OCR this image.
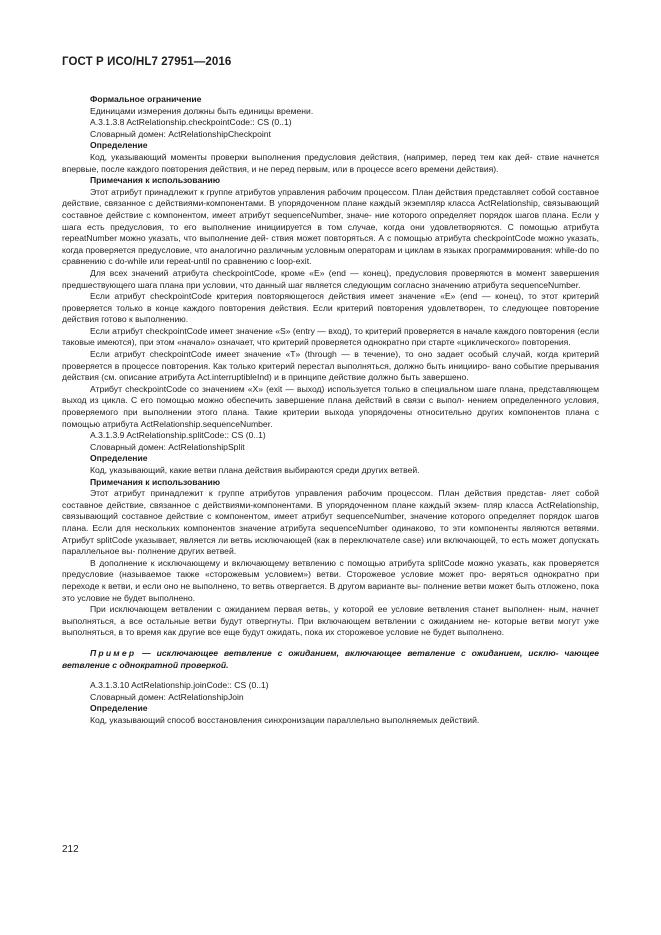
ГОСТ Р ИСО/HL7 27951—2016
Формальное ограничение
Единицами измерения должны быть единицы времени.
A.3.1.3.8 ActRelationship.checkpointCode:: CS (0..1)
Словарный домен: ActRelationshipCheckpoint
Определение
Код, указывающий моменты проверки выполнения предусловия действия, (например, перед тем как дей- ствие начнется впервые, после каждого повторения действия, и не перед первым, или в процессе всего времени действия).
Примечания к использованию
Этот атрибут принадлежит к группе атрибутов управления рабочим процессом. План действия представляет собой составное действие, связанное с действиями-компонентами. В упорядоченном плане каждый экземпляр класса ActRelationship, связывающий составное действие с компонентом, имеет атрибут sequenceNumber, значе- ние которого определяет порядок шагов плана. Если у шага есть предусловия, то его выполнение инициируется в том случае, когда они удовлетворяются. С помощью атрибута repeatNumber можно указать, что выполнение дей- ствия может повторяться. А с помощью атрибута checkpointCode можно указать, когда проверяется предусловие, что аналогично различным условным операторам и циклам в языках программирования: while-do по сравнению с do-while или repeat-until по сравнению с loop-exit.
Для всех значений атрибута checkpointCode, кроме «E» (end — конец), предусловия проверяются в момент завершения предшествующего шага плана при условии, что данный шаг является следующим согласно значению атрибута sequenceNumber.
Если атрибут checkpointCode критерия повторяющегося действия имеет значение «E» (end — конец), то этот критерий проверяется только в конце каждого повторения действия. Если критерий повторения удовлетворен, то следующее повторение действия готово к выполнению.
Если атрибут checkpointCode имеет значение «S» (entry — вход), то критерий проверяется в начале каждого повторения (если таковые имеются), при этом «начало» означает, что критерий проверяется однократно при старте «циклического» повторения.
Если атрибут checkpointCode имеет значение «T» (through — в течение), то оно задает особый случай, когда критерий проверяется в процессе повторения. Как только критерий перестал выполняться, должно быть иницииро- вано событие прерывания действия (см. описание атрибута Act.interruptibleInd) и в принципе действие должно быть завершено.
Атрибут checkpointCode со значением «X» (exit — выход) используется только в специальном шаге плана, представляющем выход из цикла. С его помощью можно обеспечить завершение плана действий в связи с выпол- нением определенного условия, проверяемого при выполнении этого плана. Такие критерии выхода упорядочены относительно других компонентов плана с помощью атрибута ActRelationship.sequenceNumber.
A.3.1.3.9 ActRelationship.splitCode:: CS (0..1)
Словарный домен: ActRelationshipSplit
Определение
Код, указывающий, какие ветви плана действия выбираются среди других ветвей.
Примечания к использованию
Этот атрибут принадлежит к группе атрибутов управления рабочим процессом. План действия представ- ляет собой составное действие, связанное с действиями-компонентами. В упорядоченном плане каждый экзем- пляр класса ActRelationship, связывающий составное действие с компонентом, имеет атрибут sequenceNumber, значение которого определяет порядок шагов плана. Если для нескольких компонентов значение атрибута sequenceNumber одинаково, то эти компоненты являются ветвями. Атрибут splitCode указывает, является ли ветвь исключающей (как в переключателе case) или включающей, то есть может допускать параллельное вы- полнение других ветвей.
В дополнение к исключающему и включающему ветвлению с помощью атрибута splitCode можно указать, как проверяется предусловие (называемое также «сторожевым условием») ветви. Сторожевое условие может про- веряться однократно при переходе к ветви, и если оно не выполнено, то ветвь отвергается. В другом варианте вы- полнение ветви может быть отложено, пока это условие не будет выполнено.
При исключающем ветвлении с ожиданием первая ветвь, у которой ее условие ветвления станет выполнен- ным, начнет выполняться, а все остальные ветви будут отвергнуты. При включающем ветвлении с ожиданием не- которые ветви могут уже выполняться, в то время как другие все еще будут ожидать, пока их сторожевое условие не будет выполнено.
Пример — исключающее ветвление с ожиданием, включающее ветвление с ожиданием, исклю- чающее ветвление с однократной проверкой.
A.3.1.3.10 ActRelationship.joinCode:: CS (0..1)
Словарный домен: ActRelationshipJoin
Определение
Код, указывающий способ восстановления синхронизации параллельно выполняемых действий.
212
